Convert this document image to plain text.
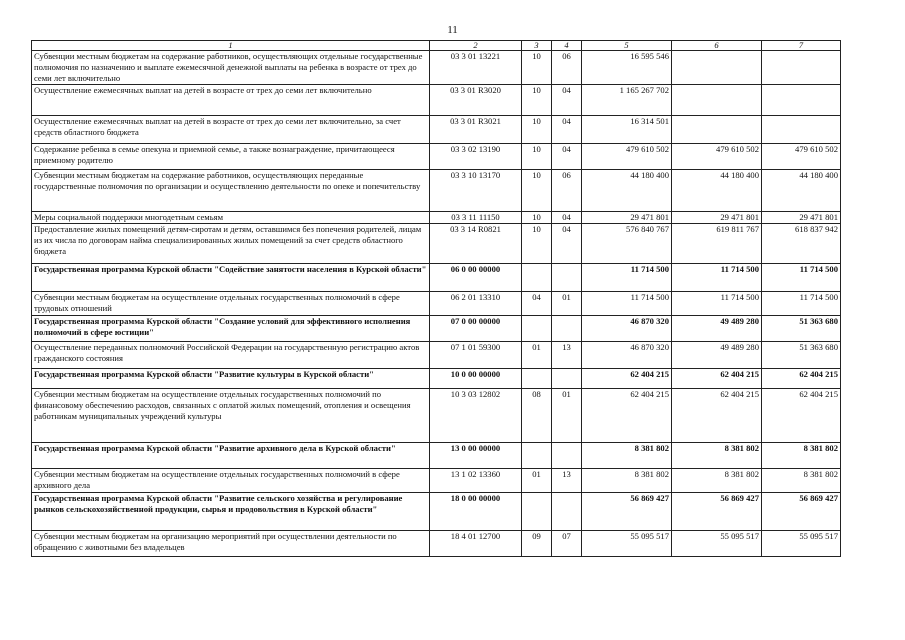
11
1	2	3	4	5	6	7
Субвенции местным бюджетам на содержание работников, осуществляющих отдельные государственные полномочия по назначению и выплате ежемесячной денежной выплаты на ребенка в возрасте от трех до семи лет включительно	03 3 01 13221	10	06	16 595 546		
Осуществление ежемесячных выплат на детей в возрасте от трех до семи лет включительно	03 3 01 R3020	10	04	1 165 267 702		
Осуществление ежемесячных выплат на детей в возрасте от трех до семи лет включительно, за счет средств областного бюджета	03 3 01 R3021	10	04	16 314 501		
Содержание ребенка в семье опекуна и приемной семье, а также вознаграждение, причитающееся приемному родителю	03 3 02 13190	10	04	479 610 502	479 610 502	479 610 502
Субвенции местным бюджетам на содержание работников, осуществляющих переданные государственные полномочия по организации и осуществлению деятельности по опеке и попечительству	03 3 10 13170	10	06	44 180 400	44 180 400	44 180 400
Меры социальной поддержки многодетным семьям	03 3 11 11150	10	04	29 471 801	29 471 801	29 471 801
Предоставление жилых помещений детям-сиротам и детям, оставшимся без попечения родителей, лицам из их числа по договорам найма специализированных жилых помещений за счет средств областного бюджета	03 3 14 R0821	10	04	576 840 767	619 811 767	618 837 942
Государственная программа Курской области "Содействие занятости населения в Курской области"	06 0 00 00000			11 714 500	11 714 500	11 714 500
Субвенции местным бюджетам на осуществление отдельных государственных полномочий в сфере трудовых отношений	06 2 01 13310	04	01	11 714 500	11 714 500	11 714 500
Государственная программа Курской области "Создание условий для эффективного исполнения полномочий в сфере юстиции"	07 0 00 00000			46 870 320	49 489 280	51 363 680
Осуществление переданных полномочий Российской Федерации на государственную регистрацию актов гражданского состояния	07 1 01 59300	01	13	46 870 320	49 489 280	51 363 680
Государственная программа Курской области "Развитие культуры в Курской области"	10 0 00 00000			62 404 215	62 404 215	62 404 215
Субвенции местным бюджетам на осуществление отдельных государственных полномочий по финансовому обеспечению расходов, связанных с оплатой жилых помещений, отопления и освещения работникам муниципальных учреждений культуры	10 3 03 12802	08	01	62 404 215	62 404 215	62 404 215
Государственная программа Курской области "Развитие архивного дела в Курской области"	13 0 00 00000			8 381 802	8 381 802	8 381 802
Субвенции местным бюджетам на осуществление отдельных государственных полномочий в сфере архивного дела	13 1 02 13360	01	13	8 381 802	8 381 802	8 381 802
Государственная программа Курской области "Развитие сельского хозяйства и регулирование рынков сельскохозяйственной продукции, сырья и продовольствия в Курской области"	18 0 00 00000			56 869 427	56 869 427	56 869 427
Субвенции местным бюджетам на организацию мероприятий при осуществлении деятельности по обращению с животными без владельцев	18 4 01 12700	09	07	55 095 517	55 095 517	55 095 517
